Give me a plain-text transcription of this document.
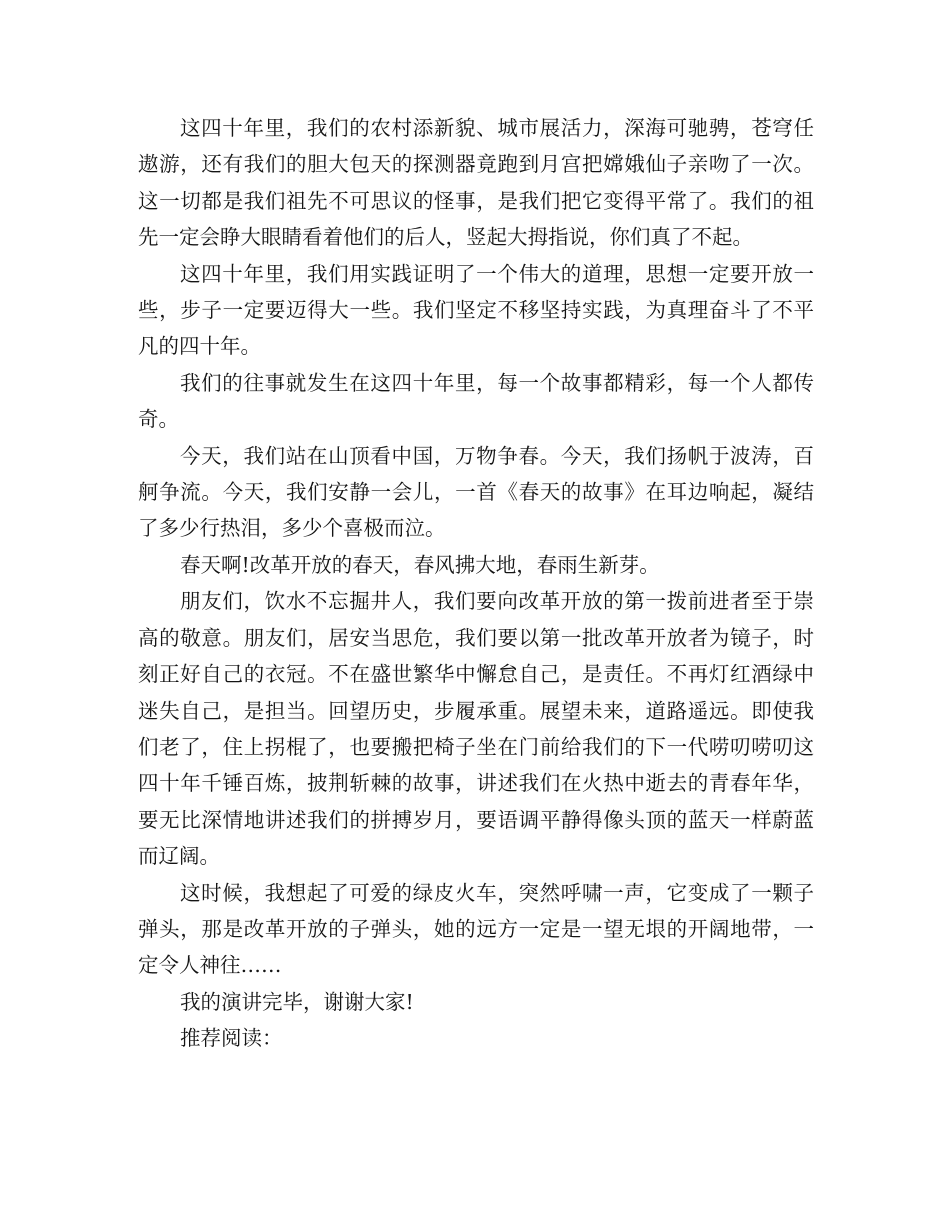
这四十年里，我们的农村添新貌、城市展活力，深海可驰骋，苍穹任遨游，还有我们的胆大包天的探测器竟跑到月宫把嫦娥仙子亲吻了一次。这一切都是我们祖先不可思议的怪事，是我们把它变得平常了。我们的祖先一定会睁大眼睛看着他们的后人，竖起大拇指说，你们真了不起。

这四十年里，我们用实践证明了一个伟大的道理，思想一定要开放一些，步子一定要迈得大一些。我们坚定不移坚持实践，为真理奋斗了不平凡的四十年。

我们的往事就发生在这四十年里，每一个故事都精彩，每一个人都传奇。

今天，我们站在山顶看中国，万物争春。今天，我们扬帆于波涛，百舸争流。今天，我们安静一会儿，一首《春天的故事》在耳边响起，凝结了多少行热泪，多少个喜极而泣。

春天啊!改革开放的春天，春风拂大地，春雨生新芽。

朋友们，饮水不忘掘井人，我们要向改革开放的第一拨前进者至于崇高的敬意。朋友们，居安当思危，我们要以第一批改革开放者为镜子，时刻正好自己的衣冠。不在盛世繁华中懈怠自己，是责任。不再灯红酒绿中迷失自己，是担当。回望历史，步履承重。展望未来，道路遥远。即使我们老了，住上拐棍了，也要搬把椅子坐在门前给我们的下一代唠叨唠叨这四十年千锤百炼，披荆斩棘的故事，讲述我们在火热中逝去的青春年华，要无比深情地讲述我们的拼搏岁月，要语调平静得像头顶的蓝天一样蔚蓝而辽阔。

这时候，我想起了可爱的绿皮火车，突然呼啸一声，它变成了一颗子弹头，那是改革开放的子弹头，她的远方一定是一望无垠的开阔地带，一定令人神往……

我的演讲完毕，谢谢大家!

推荐阅读：
